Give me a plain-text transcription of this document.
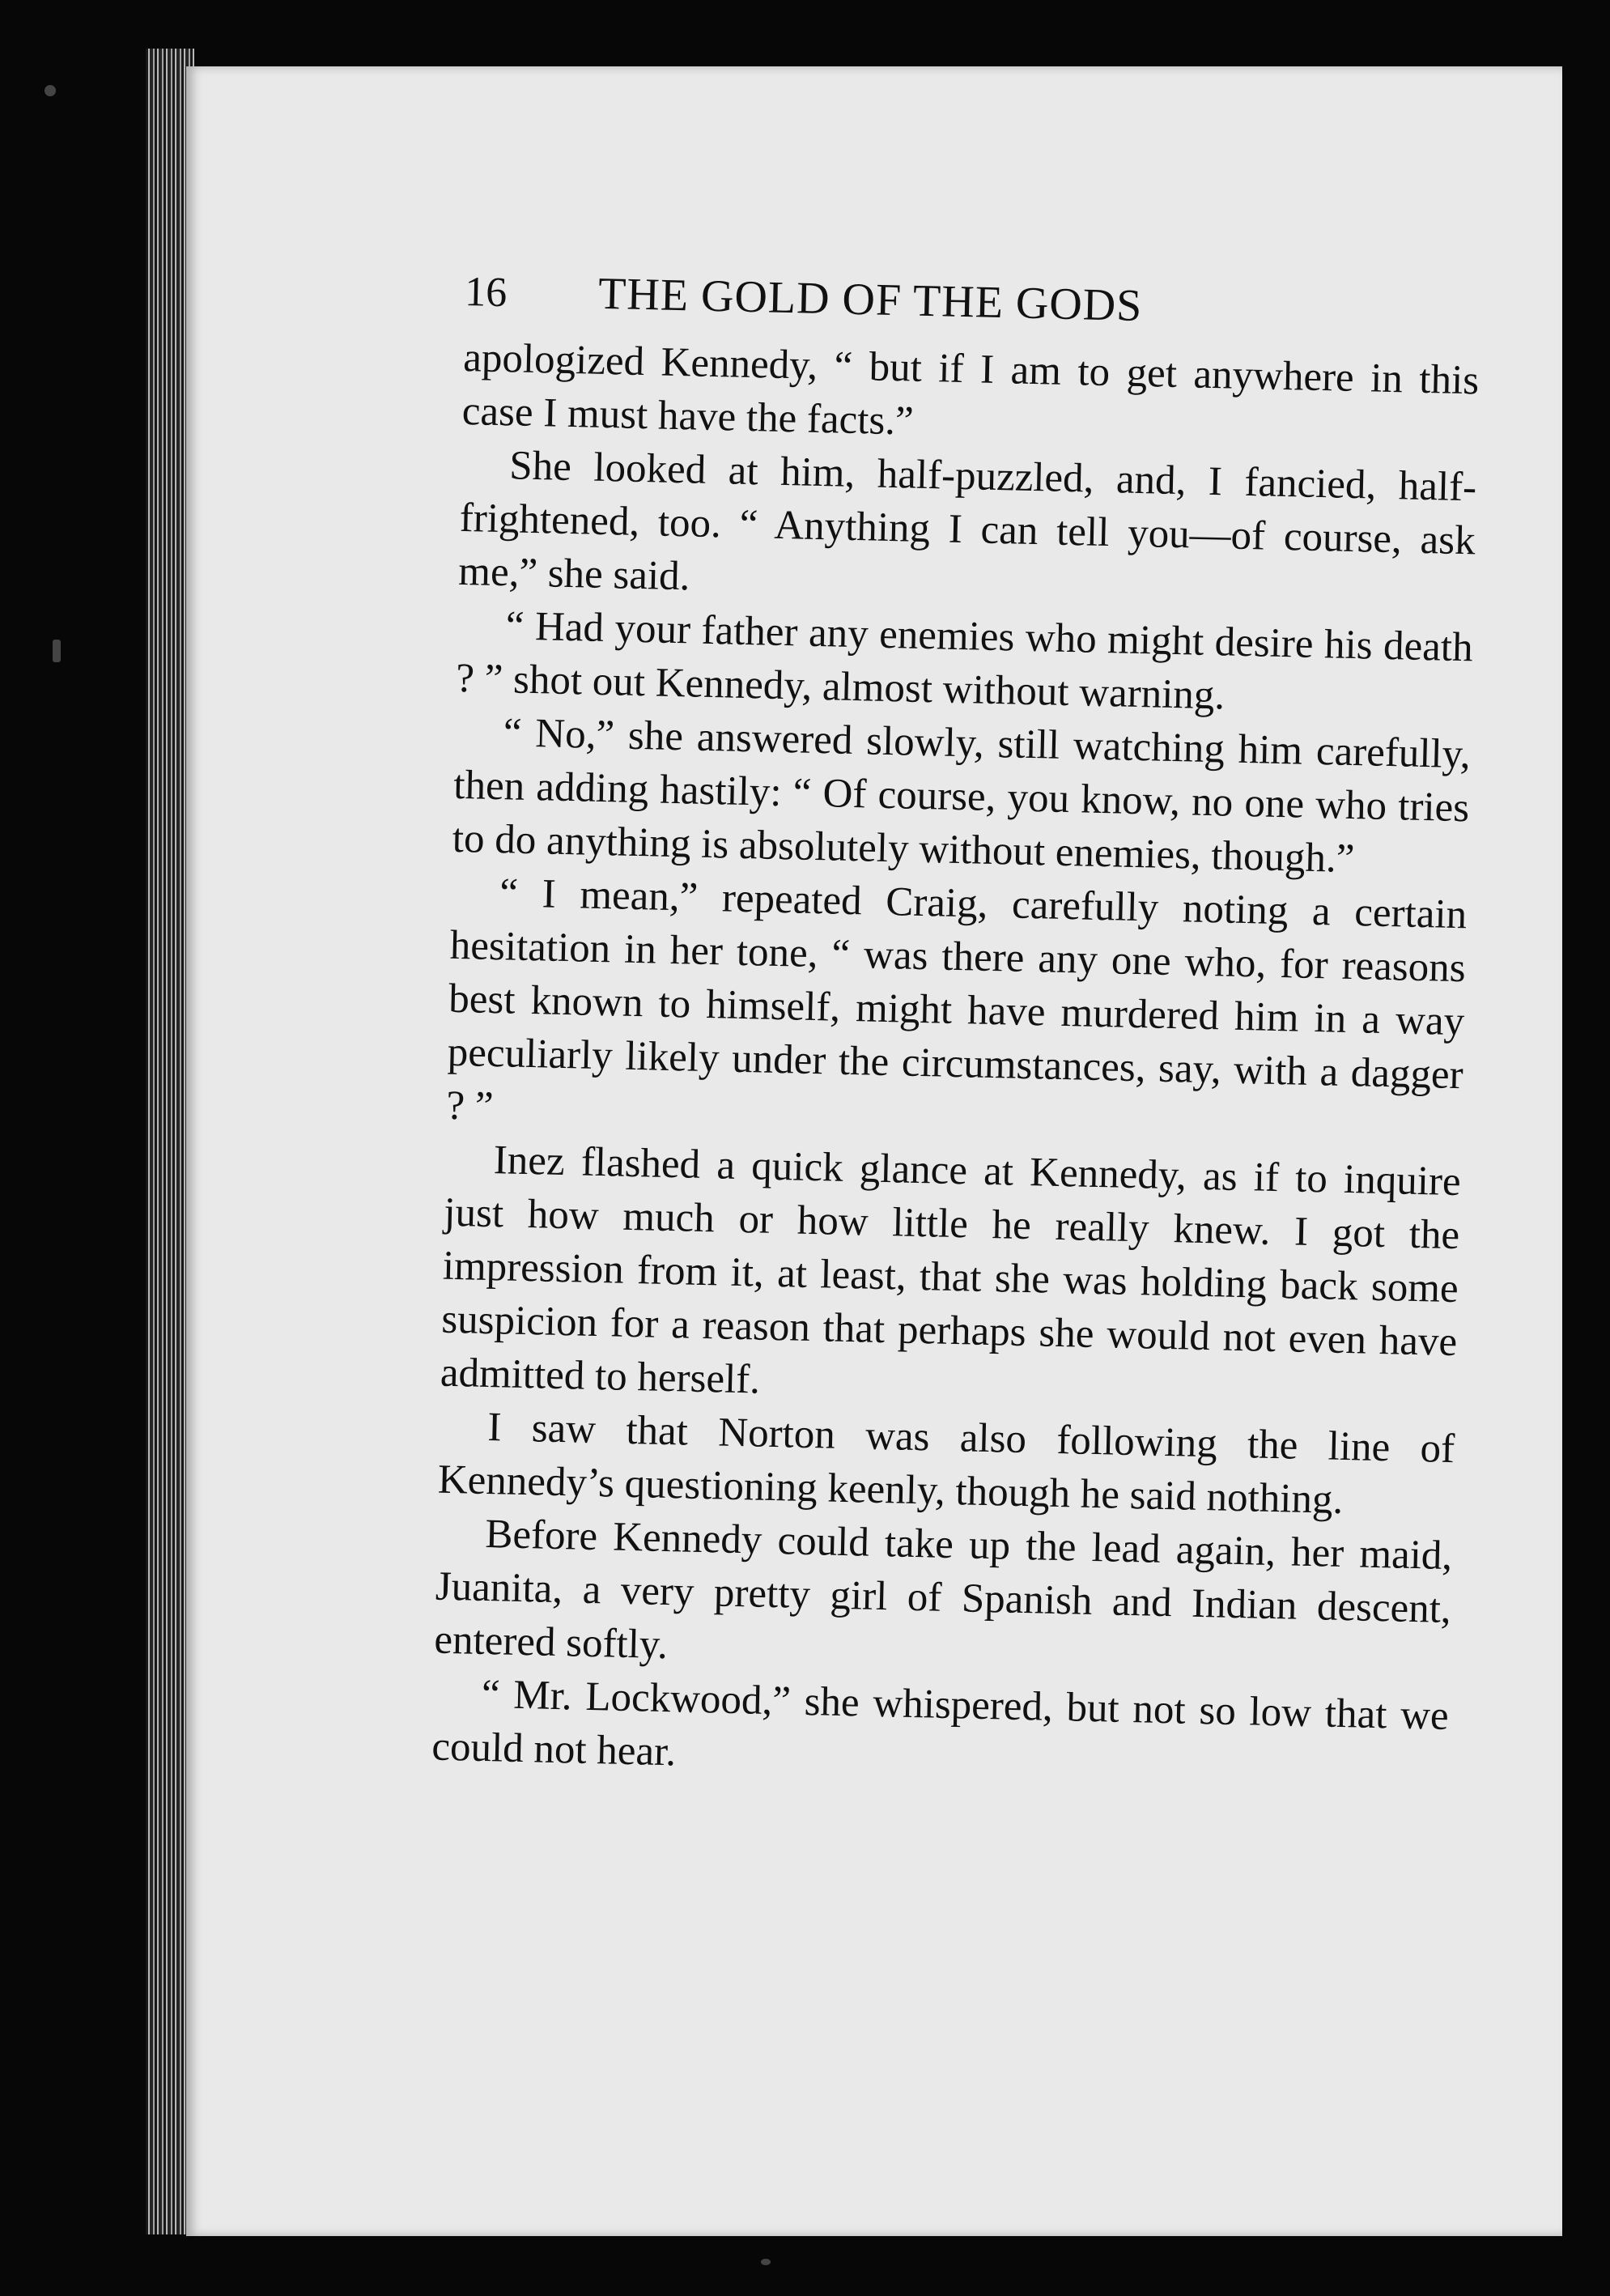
16	THE GOLD OF THE GODS

apologized Kennedy, “ but if I am to get anywhere in this case I must have the facts.”

She looked at him, half-puzzled, and, I fancied, half-frightened, too. “ Anything I can tell you—of course, ask me,” she said.

“ Had your father any enemies who might desire his death ? ” shot out Kennedy, almost without warning.

“ No,” she answered slowly, still watching him carefully, then adding hastily: “ Of course, you know, no one who tries to do anything is absolutely without enemies, though.”

“ I mean,” repeated Craig, carefully noting a certain hesitation in her tone, “ was there any one who, for reasons best known to himself, might have murdered him in a way peculiarly likely under the circumstances, say, with a dagger ? ”

Inez flashed a quick glance at Kennedy, as if to inquire just how much or how little he really knew. I got the impression from it, at least, that she was holding back some suspicion for a reason that perhaps she would not even have admitted to herself.

I saw that Norton was also following the line of Kennedy’s questioning keenly, though he said nothing.

Before Kennedy could take up the lead again, her maid, Juanita, a very pretty girl of Spanish and Indian descent, entered softly.

“ Mr. Lockwood,” she whispered, but not so low that we could not hear.
